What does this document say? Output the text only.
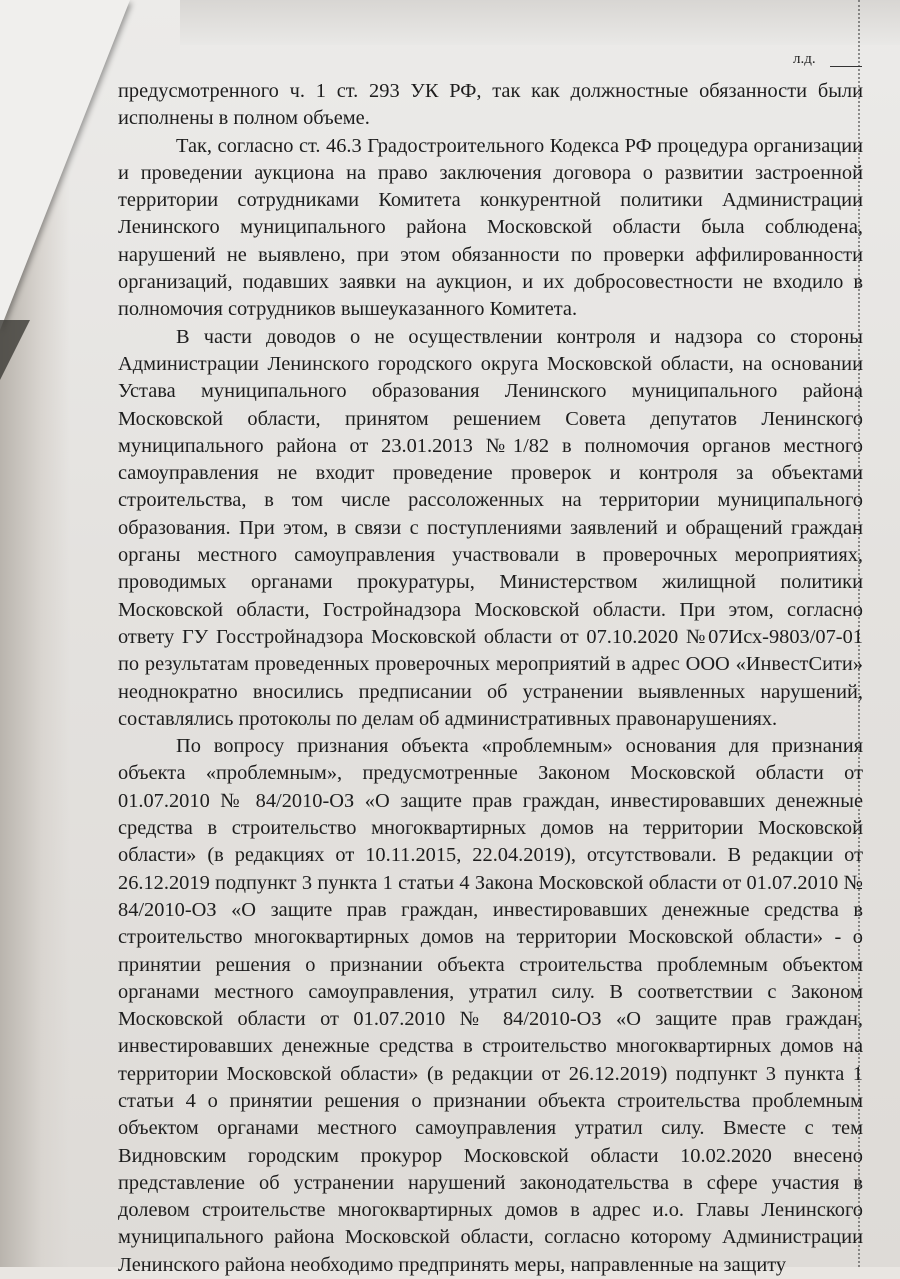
л.д.

предусмотренного ч. 1 ст. 293 УК РФ, так как должностные обязанности были исполнены в полном объеме.

Так, согласно ст. 46.3 Градостроительного Кодекса РФ процедура организации и проведении аукциона на право заключения договора о развитии застроенной территории сотрудниками Комитета конкурентной политики Администрации Ленинского муниципального района Московской области была соблюдена, нарушений не выявлено, при этом обязанности по проверки аффилированности организаций, подавших заявки на аукцион, и их добросовестности не входило в полномочия сотрудников вышеуказанного Комитета.

В части доводов о не осуществлении контроля и надзора со стороны Администрации Ленинского городского округа Московской области, на основании Устава муниципального образования Ленинского муниципального района Московской области, принятом решением Совета депутатов Ленинского муниципального района от 23.01.2013 №1/82 в полномочия органов местного самоуправления не входит проведение проверок и контроля за объектами строительства, в том числе рассоложенных на территории муниципального образования. При этом, в связи с поступлениями заявлений и обращений граждан органы местного самоуправления участвовали в проверочных мероприятиях, проводимых органами прокуратуры, Министерством жилищной политики Московской области, Гостройнадзора Московской области. При этом, согласно ответу ГУ Госстройнадзора Московской области от 07.10.2020 №07Исх-9803/07-01 по результатам проведенных проверочных мероприятий в адрес ООО «ИнвестСити» неоднократно вносились предписании об устранении выявленных нарушений, составлялись протоколы по делам об административных правонарушениях.

По вопросу признания объекта «проблемным» основания для признания объекта «проблемным», предусмотренные Законом Московской области от 01.07.2010 № 84/2010-ОЗ «О защите прав граждан, инвестировавших денежные средства в строительство многоквартирных домов на территории Московской области» (в редакциях от 10.11.2015, 22.04.2019), отсутствовали. В редакции от 26.12.2019 подпункт 3 пункта 1 статьи 4 Закона Московской области от 01.07.2010 № 84/2010-ОЗ «О защите прав граждан, инвестировавших денежные средства в строительство многоквартирных домов на территории Московской области» - о принятии решения о признании объекта строительства проблемным объектом органами местного самоуправления, утратил силу. В соответствии с Законом Московской области от 01.07.2010 № 84/2010-ОЗ «О защите прав граждан, инвестировавших денежные средства в строительство многоквартирных домов на территории Московской области» (в редакции от 26.12.2019) подпункт 3 пункта 1 статьи 4 о принятии решения о признании объекта строительства проблемным объектом органами местного самоуправления утратил силу. Вместе с тем Видновским городским прокурор Московской области 10.02.2020 внесено представление об устранении нарушений законодательства в сфере участия в долевом строительстве многоквартирных домов в адрес и.о. Главы Ленинского муниципального района Московской области, согласно которому Администрации Ленинского района необходимо предпринять меры, направленные на защиту
